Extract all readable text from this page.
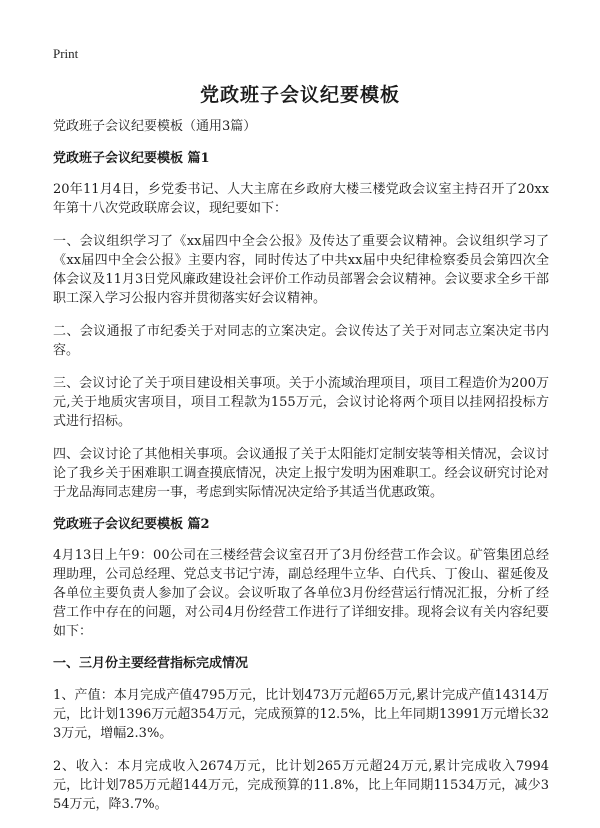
Print
党政班子会议纪要模板

党政班子会议纪要模板（通用3篇）

党政班子会议纪要模板 篇1

20年11月4日，乡党委书记、人大主席在乡政府大楼三楼党政会议室主持召开了20xx年第十八次党政联席会议，现纪要如下：

一、会议组织学习了《xx届四中全会公报》及传达了重要会议精神。会议组织学习了《xx届四中全会公报》主要内容，同时传达了中共xx届中央纪律检察委员会第四次全体会议及11月3日党风廉政建设社会评价工作动员部署会会议精神。会议要求全乡干部职工深入学习公报内容并贯彻落实好会议精神。

二、会议通报了市纪委关于对同志的立案决定。会议传达了关于对同志立案决定书内容。

三、会议讨论了关于项目建设相关事项。关于小流域治理项目，项目工程造价为200万元,关于地质灾害项目，项目工程款为155万元，会议讨论将两个项目以挂网招投标方式进行招标。

四、会议讨论了其他相关事项。会议通报了关于太阳能灯定制安装等相关情况，会议讨论了我乡关于困难职工调查摸底情况，决定上报宁发明为困难职工。经会议研究讨论对于龙品海同志建房一事，考虑到实际情况决定给予其适当优惠政策。

党政班子会议纪要模板 篇2

4月13日上午9：00公司在三楼经营会议室召开了3月份经营工作会议。矿管集团总经理助理，公司总经理、党总支书记宁涛，副总经理牛立华、白代兵、丁俊山、翟延俊及各单位主要负责人参加了会议。会议听取了各单位3月份经营运行情况汇报，分析了经营工作中存在的问题，对公司4月份经营工作进行了详细安排。现将会议有关内容纪要如下：

一、三月份主要经营指标完成情况

1、产值：本月完成产值4795万元，比计划473万元超65万元,累计完成产值14314万元，比计划1396万元超354万元，完成预算的12.5%，比上年同期13991万元增长323万元，增幅2.3%。

2、收入：本月完成收入2674万元，比计划265万元超24万元,累计完成收入7994元，比计划785万元超144万元，完成预算的11.8%，比上年同期11534万元，减少354万元，降3.7%。
